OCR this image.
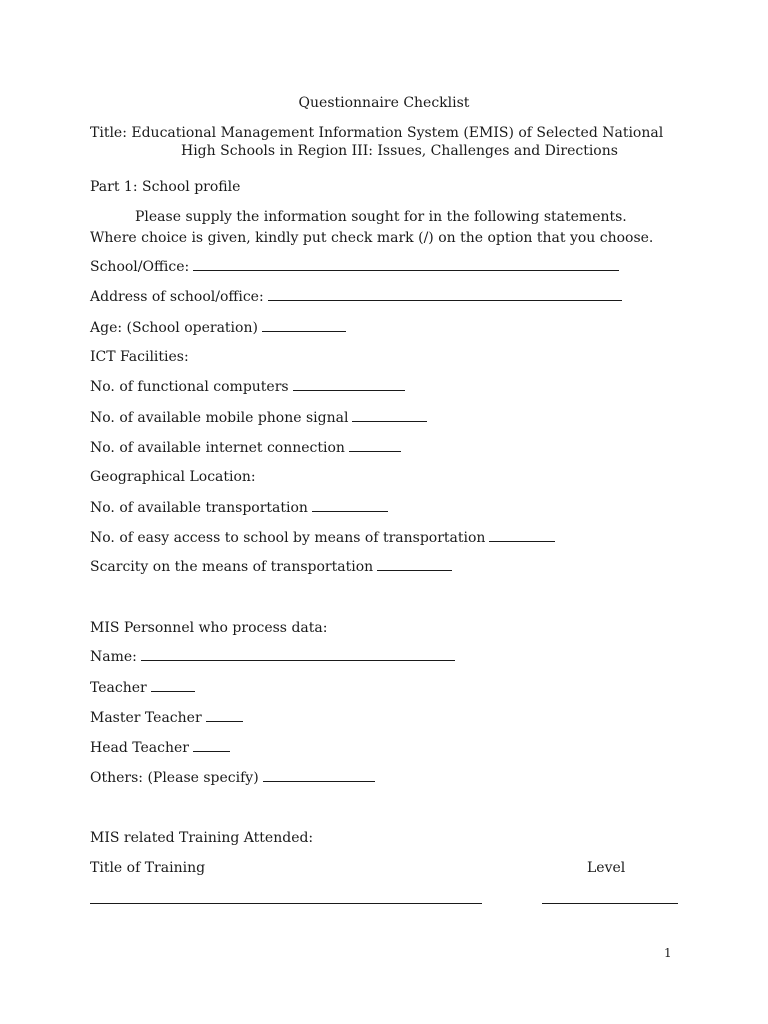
Questionnaire Checklist
Title: Educational Management Information System (EMIS) of Selected National
High Schools in Region III: Issues, Challenges and Directions
Part 1: School profile
Please supply the information sought for in the following statements.
Where choice is given, kindly put check mark (/) on the option that you choose.
School/Office:
Address of school/office:
Age: (School operation)
ICT Facilities:
No. of functional computers
No. of available mobile phone signal
No. of available internet connection
Geographical Location:
No. of available transportation
No. of easy access to school by means of transportation
Scarcity on the means of transportation
MIS Personnel who process data:
Name:
Teacher
Master Teacher
Head Teacher
Others: (Please specify)
MIS related Training Attended:
Title of Training	Level
1
